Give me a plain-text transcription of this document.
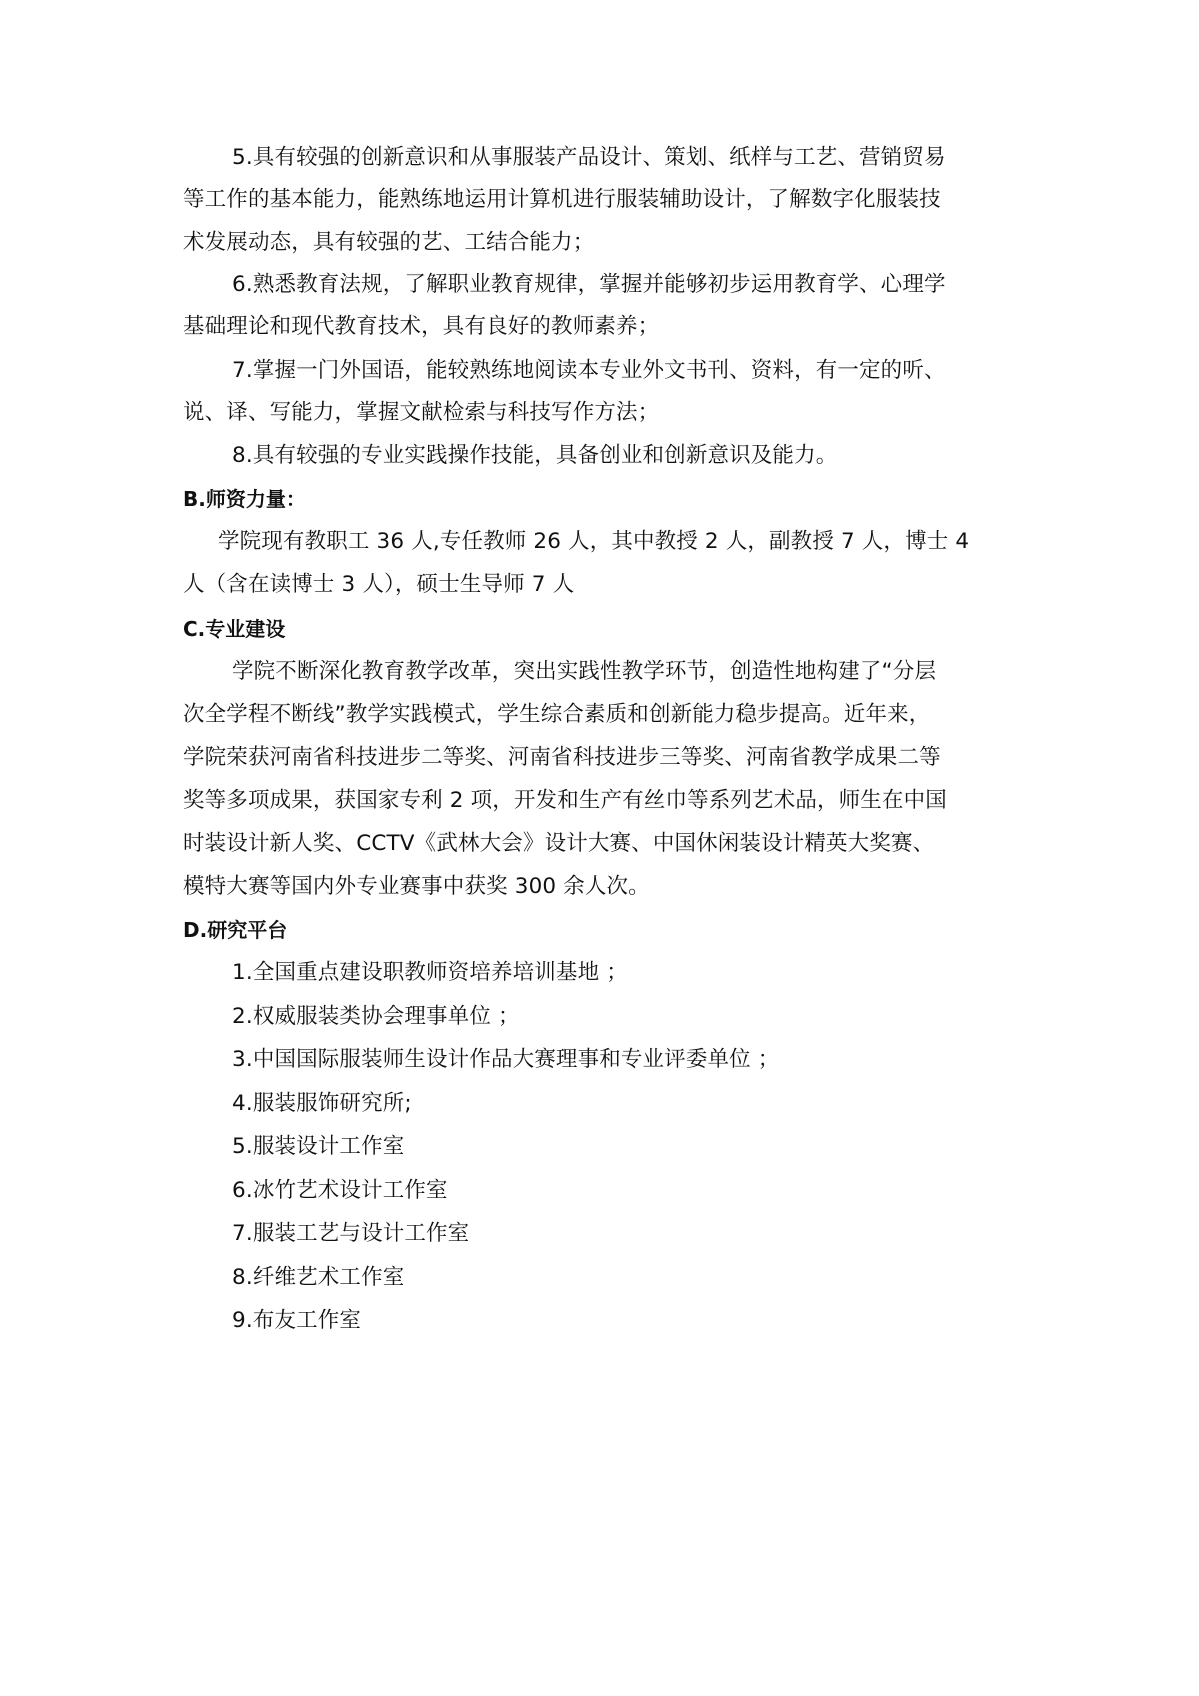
5.具有较强的创新意识和从事服装产品设计、策划、纸样与工艺、营销贸易
等工作的基本能力，能熟练地运用计算机进行服装辅助设计，了解数字化服装技
术发展动态，具有较强的艺、工结合能力；
6.熟悉教育法规，了解职业教育规律，掌握并能够初步运用教育学、心理学
基础理论和现代教育技术，具有良好的教师素养；
7.掌握一门外国语，能较熟练地阅读本专业外文书刊、资料，有一定的听、
说、译、写能力，掌握文献检索与科技写作方法；
8.具有较强的专业实践操作技能，具备创业和创新意识及能力。
B.师资力量：
学院现有教职工 36 人,专任教师 26 人，其中教授 2 人，副教授 7 人，博士 4
人（含在读博士 3 人），硕士生导师 7 人
C.专业建设
学院不断深化教育教学改革，突出实践性教学环节，创造性地构建了“分层
次全学程不断线”教学实践模式，学生综合素质和创新能力稳步提高。近年来，
学院荣获河南省科技进步二等奖、河南省科技进步三等奖、河南省教学成果二等
奖等多项成果，获国家专利 2 项，开发和生产有丝巾等系列艺术品，师生在中国
时装设计新人奖、CCTV《武林大会》设计大赛、中国休闲装设计精英大奖赛、
模特大赛等国内外专业赛事中获奖 300 余人次。
D.研究平台
1.全国重点建设职教师资培养培训基地 ；
2.权威服装类协会理事单位 ；
3.中国国际服装师生设计作品大赛理事和专业评委单位 ；
4.服装服饰研究所;
5.服装设计工作室
6.冰竹艺术设计工作室
7.服装工艺与设计工作室
8.纤维艺术工作室
9.布友工作室
